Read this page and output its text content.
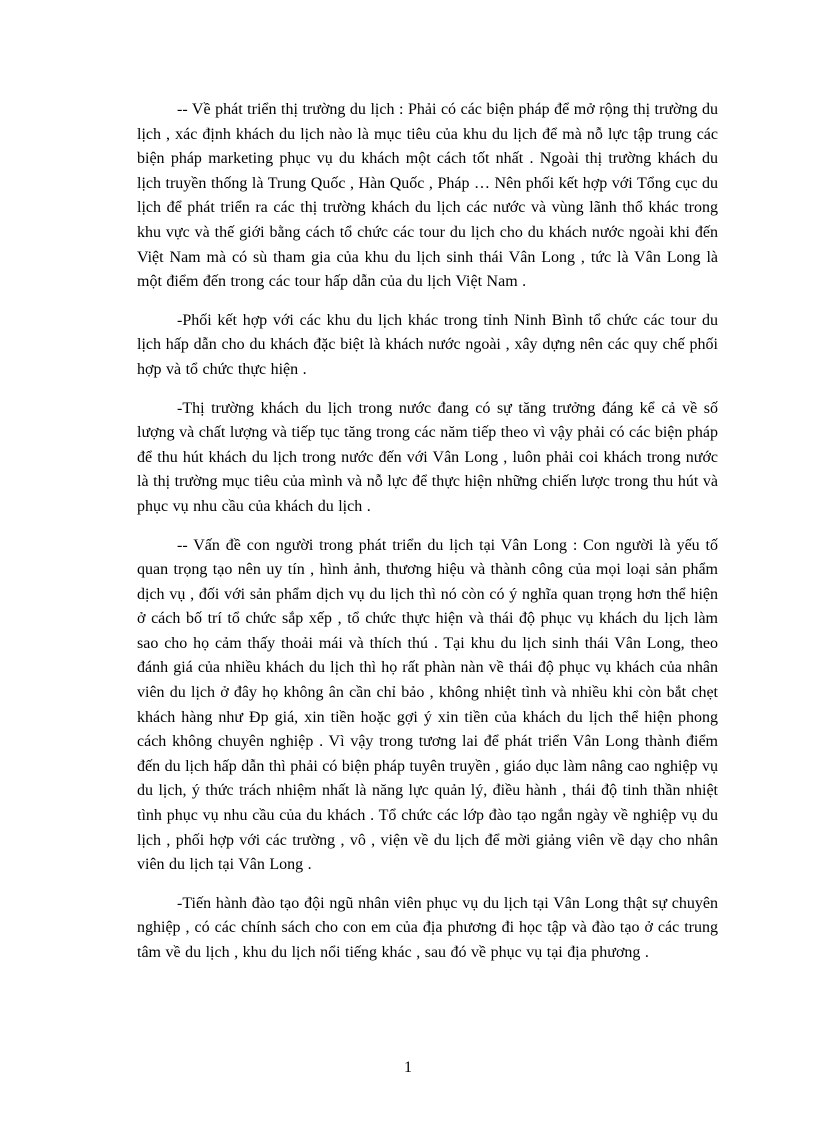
-- Về phát triển thị trường du lịch : Phải có các biện pháp để mở rộng thị trường du lịch , xác định khách du lịch nào là mục tiêu của khu du lịch để mà nỗ lực tập trung các biện pháp marketing phục vụ du khách một cách tốt nhất . Ngoài thị trường khách du lịch truyền thống là Trung Quốc , Hàn Quốc , Pháp … Nên phối kết hợp với Tổng cục du lịch để phát triển ra các thị trường khách du lịch các nước và vùng lãnh thổ khác trong khu vực và thế giới bằng cách tổ chức các tour du lịch cho du khách nước ngoài khi đến Việt Nam mà có sù tham gia của khu du lịch sinh thái Vân Long , tức là Vân Long là một điểm đến trong các tour hấp dẫn của du lịch Việt Nam .

-Phối kết hợp với các khu du lịch khác trong tỉnh Ninh Bình tổ chức các tour du lịch hấp dẫn cho du khách đặc biệt là khách nước ngoài , xây dựng nên các quy chế phối hợp và tổ chức thực hiện .

-Thị trường khách du lịch trong nước đang có sự tăng trưởng đáng kể cả về số lượng và chất lượng và tiếp tục tăng trong các năm tiếp theo vì vậy phải có các biện pháp để thu hút khách du lịch trong nước đến với Vân Long , luôn phải coi khách trong nước là thị trường mục tiêu của mình và nỗ lực để thực hiện những chiến lược trong thu hút và phục vụ nhu cầu của khách du lịch .

-- Vấn đề con người trong phát triển du lịch tại Vân Long : Con người là yếu tố quan trọng tạo nên uy tín , hình ảnh, thương hiệu và thành công của mọi loại sản phẩm dịch vụ , đối với sản phẩm dịch vụ du lịch thì nó còn có ý nghĩa quan trọng hơn thể hiện ở cách bố trí tổ chức sắp xếp , tổ chức thực hiện và thái độ phục vụ khách du lịch làm sao cho họ cảm thấy thoải mái và thích thú . Tại khu du lịch sinh thái Vân Long, theo đánh giá của nhiều khách du lịch thì họ rất phàn nàn về thái độ phục vụ khách của nhân viên du lịch ở đây họ không ân cần chỉ bảo , không nhiệt tình và nhiều khi còn bắt chẹt khách hàng như Đp giá, xin tiền hoặc gợi ý xin tiền của khách du lịch thể hiện phong cách không chuyên nghiệp . Vì vậy trong tương lai để phát triển Vân Long thành điểm đến du lịch hấp dẫn thì phải có biện pháp tuyên truyền , giáo dục làm nâng cao nghiệp vụ du lịch, ý thức trách nhiệm nhất là năng lực quản lý, điều hành , thái độ tinh thần nhiệt tình phục vụ nhu cầu của du khách . Tổ chức các lớp đào tạo ngắn ngày về nghiệp vụ du lịch , phối hợp với các trường , vô , viện về du lịch để mời giảng viên về dạy cho nhân viên du lịch tại Vân Long .

-Tiến hành đào tạo đội ngũ nhân viên phục vụ du lịch tại Vân Long thật sự chuyên nghiệp , có các chính sách cho con em của địa phương đi học tập và đào tạo ở các trung tâm về du lịch , khu du lịch nổi tiếng khác , sau đó về phục vụ tại địa phương .

1
